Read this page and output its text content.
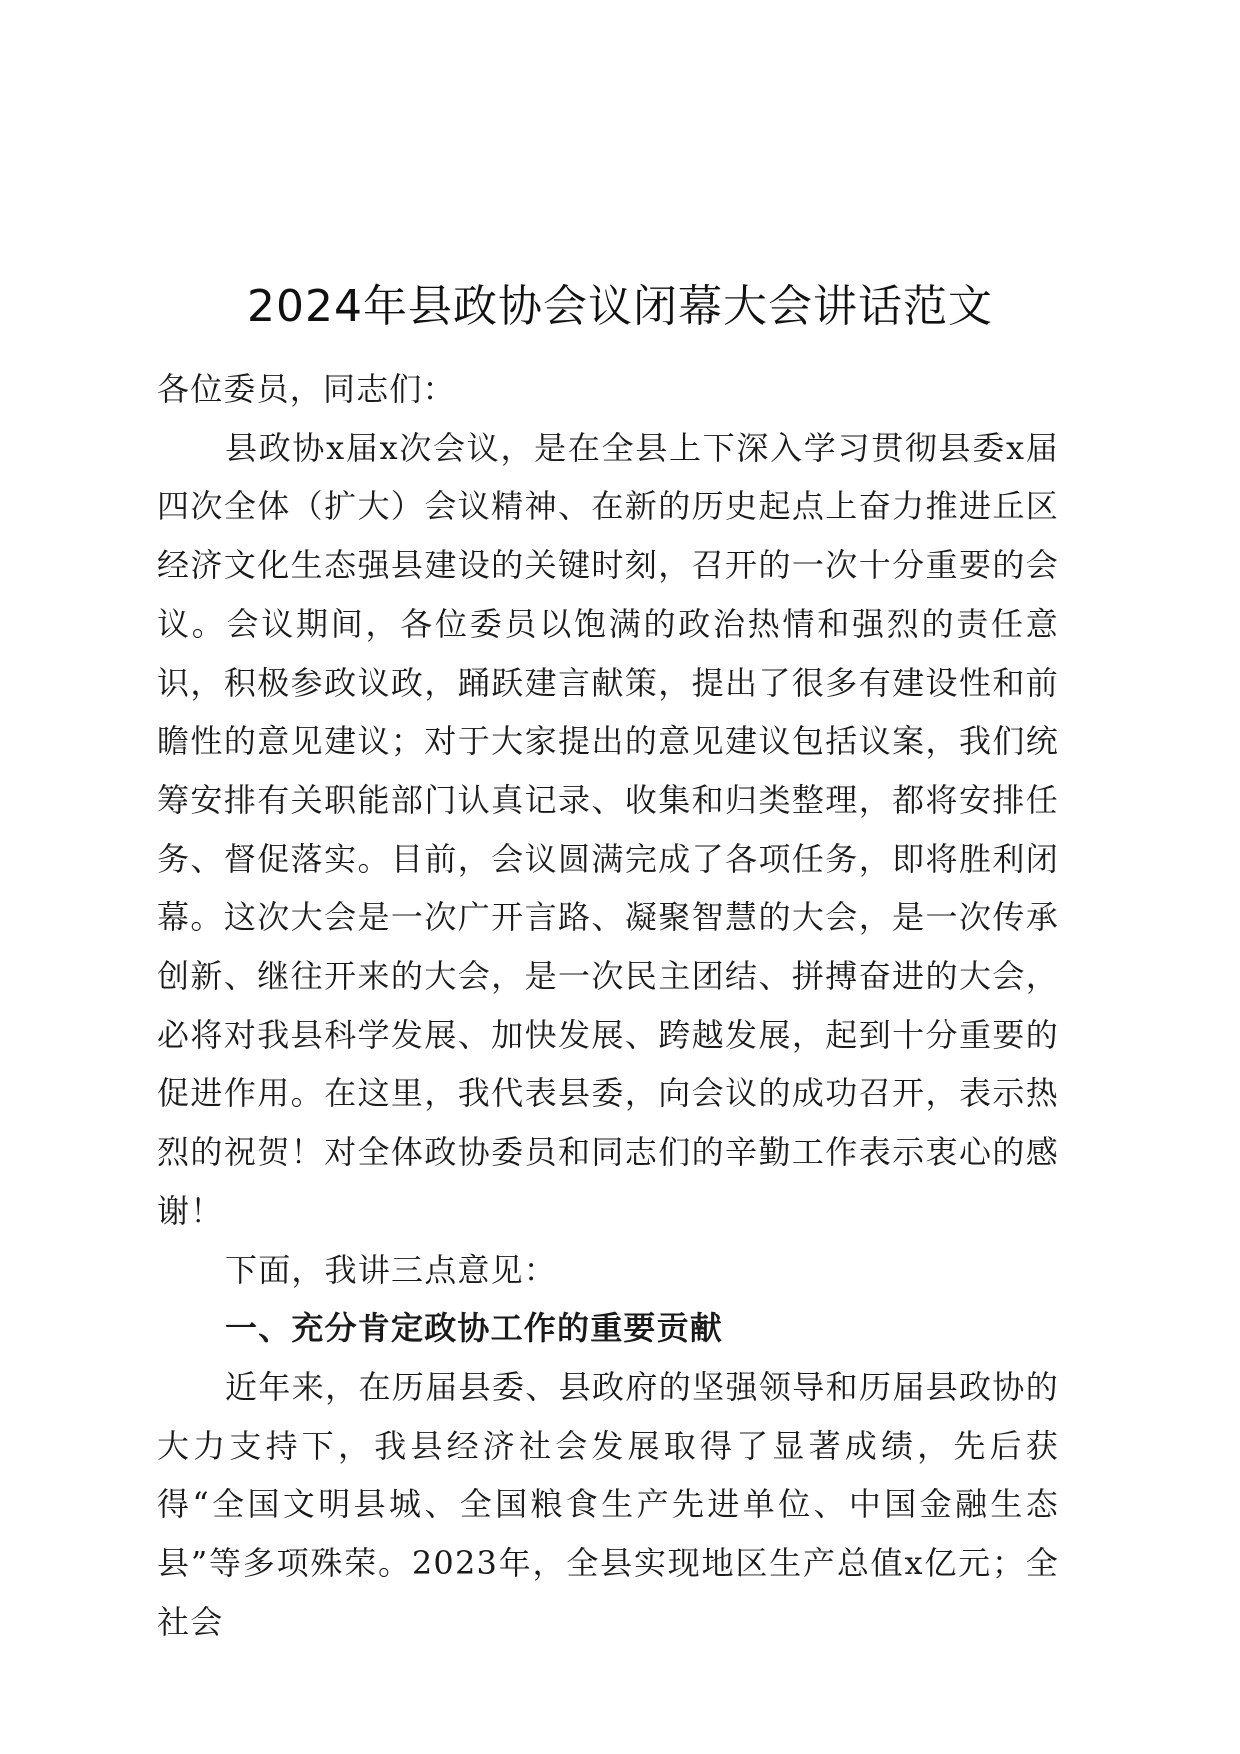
2024年县政协会议闭幕大会讲话范文

各位委员，同志们：

县政协x届x次会议，是在全县上下深入学习贯彻县委x届四次全体（扩大）会议精神、在新的历史起点上奋力推进丘区经济文化生态强县建设的关键时刻，召开的一次十分重要的会议。会议期间，各位委员以饱满的政治热情和强烈的责任意识，积极参政议政，踊跃建言献策，提出了很多有建设性和前瞻性的意见建议；对于大家提出的意见建议包括议案，我们统筹安排有关职能部门认真记录、收集和归类整理，都将安排任务、督促落实。目前，会议圆满完成了各项任务，即将胜利闭幕。这次大会是一次广开言路、凝聚智慧的大会，是一次传承创新、继往开来的大会，是一次民主团结、拼搏奋进的大会，必将对我县科学发展、加快发展、跨越发展，起到十分重要的促进作用。在这里，我代表县委，向会议的成功召开，表示热烈的祝贺！对全体政协委员和同志们的辛勤工作表示衷心的感谢！

下面，我讲三点意见：

一、充分肯定政协工作的重要贡献

近年来，在历届县委、县政府的坚强领导和历届县政协的大力支持下，我县经济社会发展取得了显著成绩，先后获得“全国文明县城、全国粮食生产先进单位、中国金融生态县”等多项殊荣。2023年，全县实现地区生产总值x亿元；全社会
